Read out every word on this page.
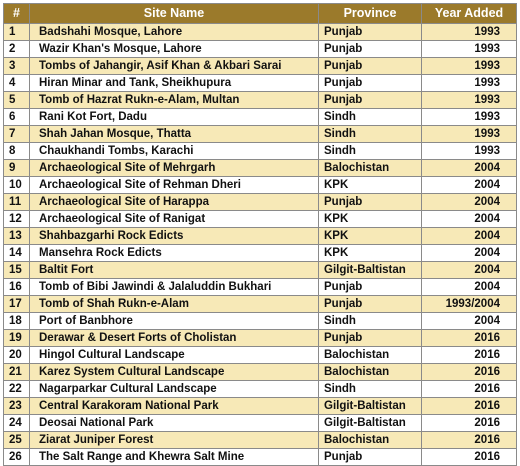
#	Site Name	Province	Year Added
1	Badshahi Mosque, Lahore	Punjab	1993
2	Wazir Khan's Mosque, Lahore	Punjab	1993
3	Tombs of Jahangir, Asif Khan & Akbari Sarai	Punjab	1993
4	Hiran Minar and Tank, Sheikhupura	Punjab	1993
5	Tomb of Hazrat Rukn-e-Alam, Multan	Punjab	1993
6	Rani Kot Fort, Dadu	Sindh	1993
7	Shah Jahan Mosque, Thatta	Sindh	1993
8	Chaukhandi Tombs, Karachi	Sindh	1993
9	Archaeological Site of Mehrgarh	Balochistan	2004
10	Archaeological Site of Rehman Dheri	KPK	2004
11	Archaeological Site of Harappa	Punjab	2004
12	Archaeological Site of Ranigat	KPK	2004
13	Shahbazgarhi Rock Edicts	KPK	2004
14	Mansehra Rock Edicts	KPK	2004
15	Baltit Fort	Gilgit-Baltistan	2004
16	Tomb of Bibi Jawindi & Jalaluddin Bukhari	Punjab	2004
17	Tomb of Shah Rukn-e-Alam	Punjab	1993/2004
18	Port of Banbhore	Sindh	2004
19	Derawar & Desert Forts of Cholistan	Punjab	2016
20	Hingol Cultural Landscape	Balochistan	2016
21	Karez System Cultural Landscape	Balochistan	2016
22	Nagarparkar Cultural Landscape	Sindh	2016
23	Central Karakoram National Park	Gilgit-Baltistan	2016
24	Deosai National Park	Gilgit-Baltistan	2016
25	Ziarat Juniper Forest	Balochistan	2016
26	The Salt Range and Khewra Salt Mine	Punjab	2016
